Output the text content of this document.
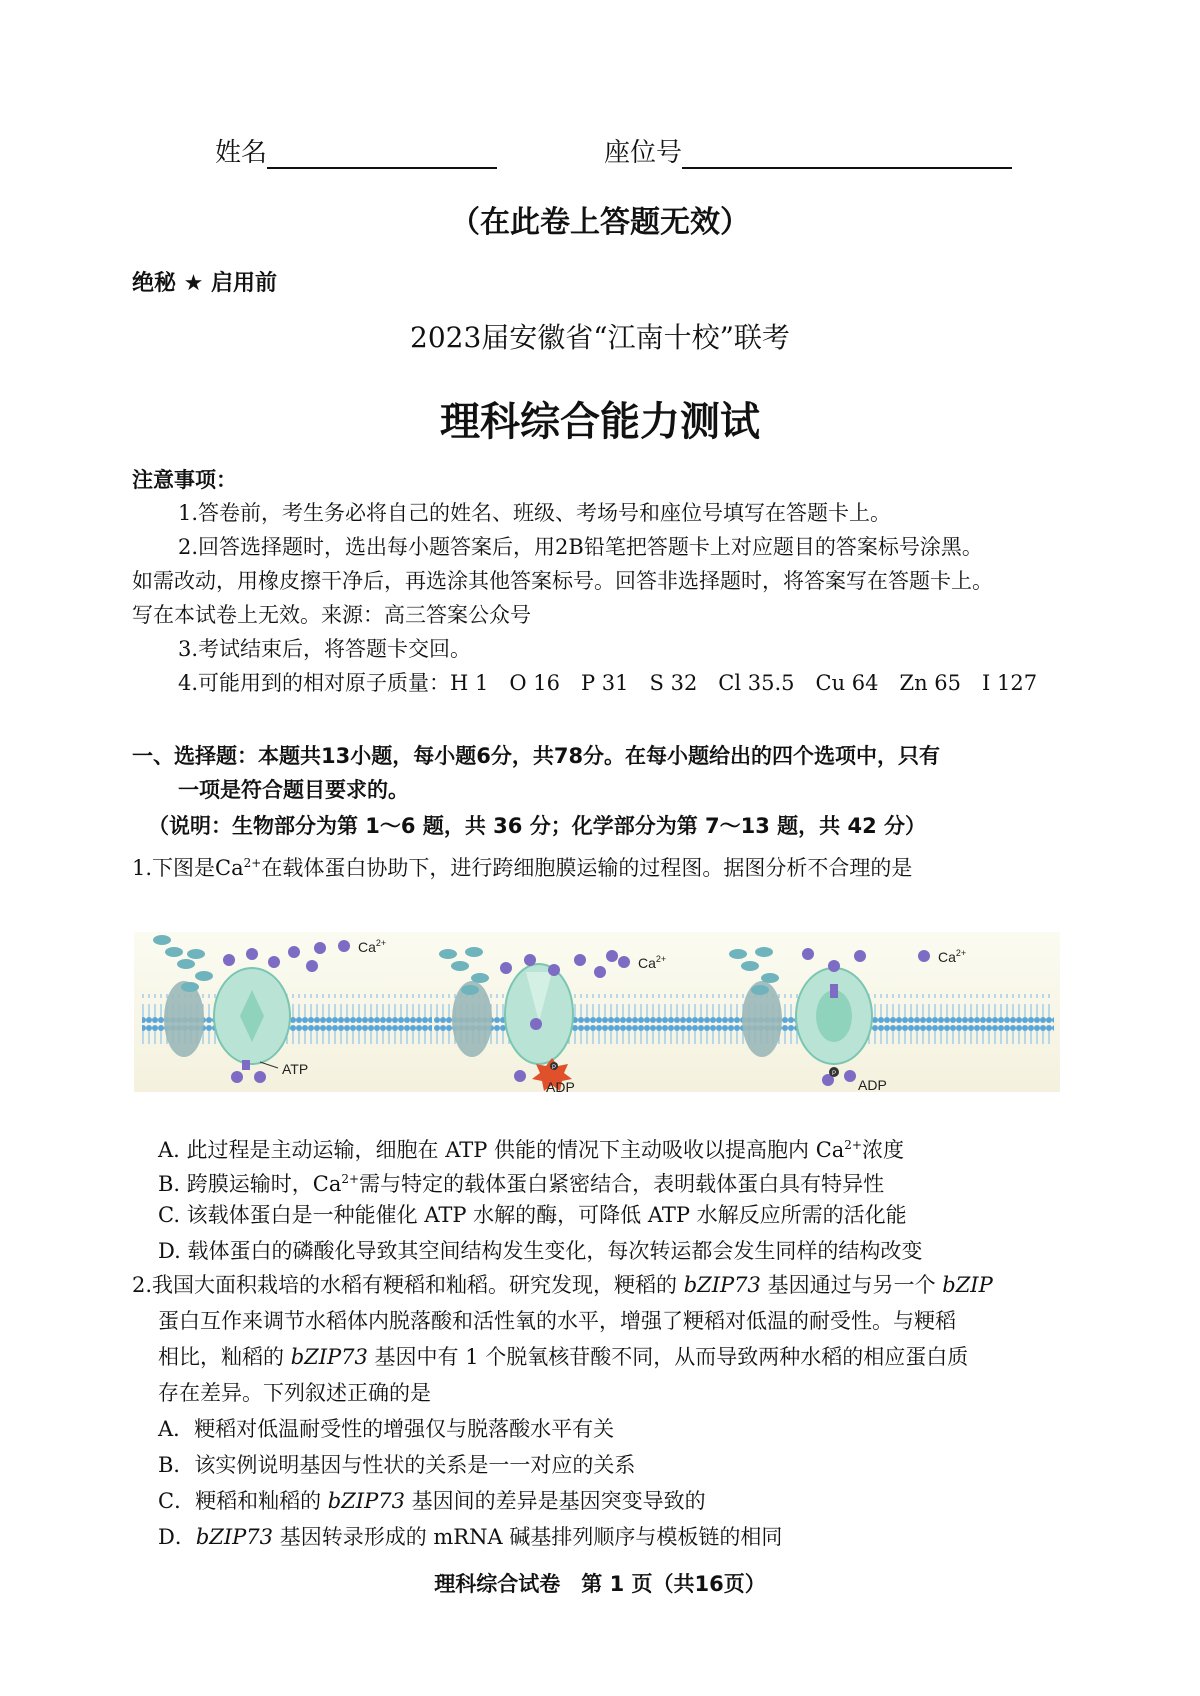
姓名	座位号
（在此卷上答题无效）
绝秘 ★ 启用前
2023届安徽省“江南十校”联考
理科综合能力测试
注意事项：
1.答卷前，考生务必将自己的姓名、班级、考场号和座位号填写在答题卡上。
2.回答选择题时，选出每小题答案后，用2B铅笔把答题卡上对应题目的答案标号涂黑。
如需改动，用橡皮擦干净后，再选涂其他答案标号。回答非选择题时，将答案写在答题卡上。
写在本试卷上无效。来源：高三答案公众号
3.考试结束后，将答题卡交回。
4.可能用到的相对原子质量：H 1　O 16　P 31　S 32　Cl 35.5　Cu 64　Zn 65　I 127
一、选择题：本题共13小题，每小题6分，共78分。在每小题给出的四个选项中，只有
一项是符合题目要求的。
（说明：生物部分为第 1～6 题，共 36 分；化学部分为第 7～13 题，共 42 分）
1.下图是$Ca^{2+}$在载体蛋白协助下，进行跨细胞膜运输的过程图。据图分析不合理的是
$Ca^{2+}$
ATP	P
$Ca^{2+}$
ADP
P
$Ca^{2+}$
ADP
A. 此过程是主动运输，细胞在 ATP 供能的情况下主动吸收以提高胞内 $Ca^{2+}$浓度
B. 跨膜运输时，$Ca^{2+}$需与特定的载体蛋白紧密结合，表明载体蛋白具有特异性
C. 该载体蛋白是一种能催化 ATP 水解的酶，可降低 ATP 水解反应所需的活化能
D. 载体蛋白的磷酸化导致其空间结构发生变化，每次转运都会发生同样的结构改变
2.我国大面积栽培的水稻有粳稻和籼稻。研究发现，粳稻的 bZIP73 基因通过与另一个 bZIP
蛋白互作来调节水稻体内脱落酸和活性氧的水平，增强了粳稻对低温的耐受性。与粳稻
相比，籼稻的 bZIP73 基因中有 1 个脱氧核苷酸不同，从而导致两种水稻的相应蛋白质
存在差异。下列叙述正确的是
A．粳稻对低温耐受性的增强仅与脱落酸水平有关
B．该实例说明基因与性状的关系是一一对应的关系
C．粳稻和籼稻的 bZIP73 基因间的差异是基因突变导致的
D．bZIP73 基因转录形成的 mRNA 碱基排列顺序与模板链的相同
理科综合试卷　第 1 页（共16页）
